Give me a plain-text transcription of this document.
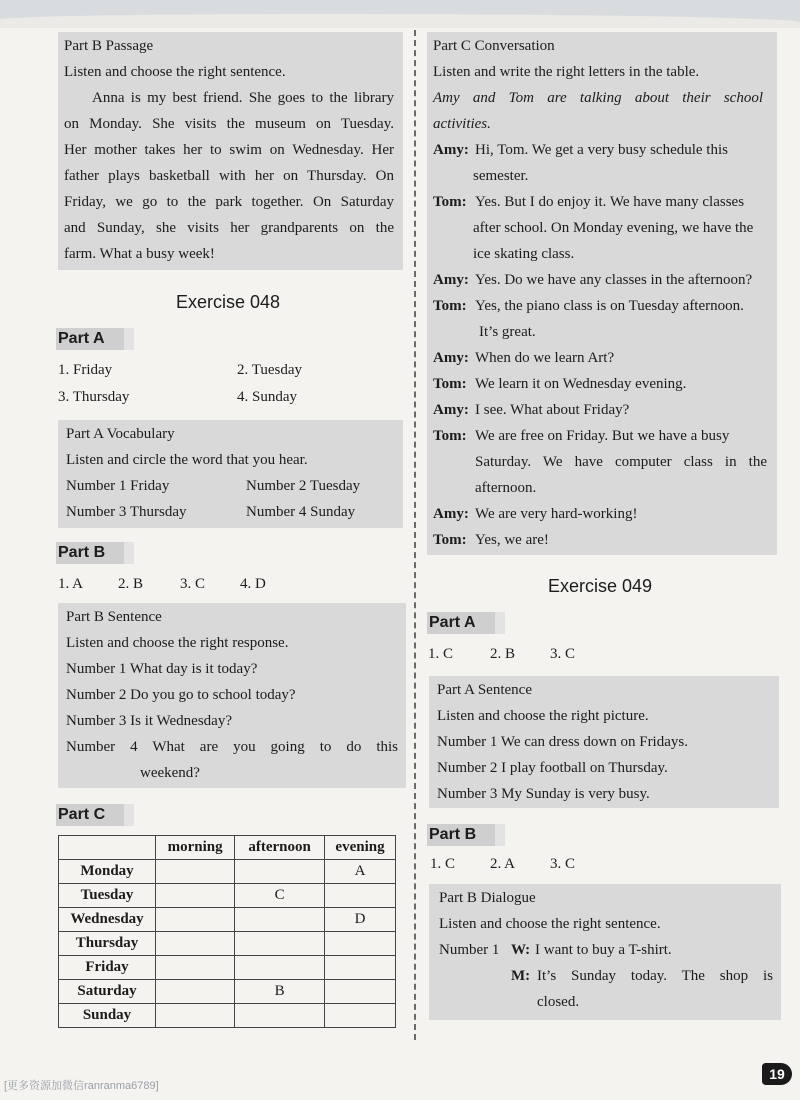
Part B Passage
Listen and choose the right sentence.
Anna is my best friend. She goes to the library
on Monday. She visits the museum on Tuesday.
Her mother takes her to swim on Wednesday. Her
father plays basketball with her on Thursday. On
Friday, we go to the park together. On Saturday
and Sunday, she visits her grandparents on the
farm. What a busy week!
Exercise 048
Part A
1. Friday	2. Tuesday
3. Thursday	4. Sunday
Part A Vocabulary
Listen and circle the word that you hear.
Number 1 Friday	Number 2 Tuesday
Number 3 Thursday	Number 4 Sunday
Part B
1. A 2. B 3. C 4. D
Part B Sentence
Listen and choose the right response.
Number 1 What day is it today?
Number 2 Do you go to school today?
Number 3 Is it Wednesday?
Number 4 What are you going to do this
weekend?
Part C
	morning	afternoon	evening
Monday			A
Tuesday		C	
Wednesday			D
Thursday			
Friday			
Saturday		B	
Sunday			
Part C Conversation
Listen and write the right letters in the table.
Amy and Tom are talking about their school
activities.
Amy: Hi, Tom. We get a very busy schedule this
semester.
Tom: Yes. But I do enjoy it. We have many classes
after school. On Monday evening, we have the
ice skating class.
Amy: Yes. Do we have any classes in the afternoon?
Tom: Yes, the piano class is on Tuesday afternoon.
It’s great.
Amy: When do we learn Art?
Tom: We learn it on Wednesday evening.
Amy: I see. What about Friday?
Tom: We are free on Friday. But we have a busy
Saturday. We have computer class in the
afternoon.
Amy: We are very hard-working!
Tom: Yes, we are!
Exercise 049
Part A
1. C 2. B 3. C
Part A Sentence
Listen and choose the right picture.
Number 1 We can dress down on Fridays.
Number 2 I play football on Thursday.
Number 3 My Sunday is very busy.
Part B
1. C 2. A 3. C
Part B Dialogue
Listen and choose the right sentence.
Number 1 W: I want to buy a T-shirt.
M: It’s Sunday today. The shop is
closed.
[更多资源加微信ranranma6789]
19
